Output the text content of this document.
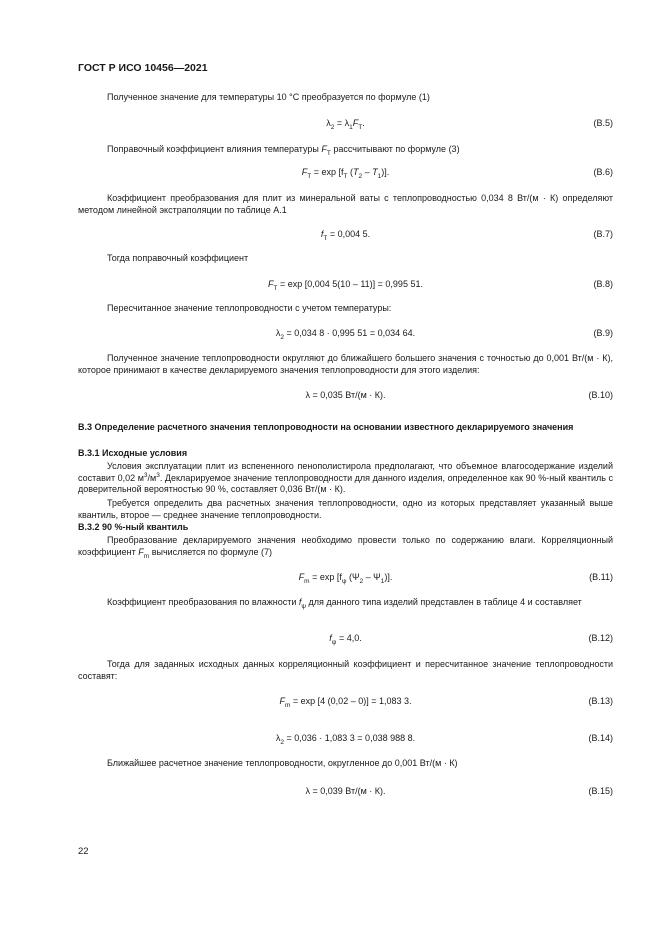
ГОСТ Р ИСО 10456—2021

Полученное значение для температуры 10 °С преобразуется по формуле (1)

$\lambda_2 = \lambda_1F_T$.	(В.5)

Поправочный коэффициент влияния температуры $F_T$ рассчитывают по формуле (3)

$F_T = \exp [f_T$ $(T_2 - T_1)$].	(В.6)

Коэффициент преобразования для плит из минеральной ваты с теплопроводностью 0,034 8 Вт/(м · К) определяют методом линейной экстраполяции по таблице А.1

$f_T = 0,004$ 5.	(В.7)

Тогда поправочный коэффициент

$F_T = \exp [0,004$ 5(10 – 11)] = 0,995 51.	(В.8)

Пересчитанное значение теплопроводности с учетом температуры:

$\lambda_2 = 0,034$ 8 · 0,995 51 = 0,034 64.	(В.9)

Полученное значение теплопроводности округляют до ближайшего большего значения с точностью до 0,001 Вт/(м · К), которое принимают в качестве декларируемого значения теплопроводности для этого изделия:

λ = 0,035 Вт/(м · К).	(В.10)

В.3 Определение расчетного значения теплопроводности на основании известного декларируемого значения

В.3.1 Исходные условия

Условия эксплуатации плит из вспененного пенополистирола предполагают, что объемное влагосодержание изделий составит 0,02 $м^3/м^3$. Декларируемое значение теплопроводности для данного изделия, определенное как 90 %-ный квантиль с доверительной вероятностью 90 %, составляет 0,036 Вт/(м · К).

Требуется определить два расчетных значения теплопроводности, одно из которых представляет указанный выше квантиль, второе — среднее значение теплопроводности.

В.3.2 90 %-ный квантиль

Преобразование декларируемого значения необходимо провести только по содержанию влаги. Корреляционный коэффициент $F_m$ вычисляется по формуле (7)

$F_m = \exp [f_\psi$ $(\Psi_2 - \Psi_1)$].	(В.11)

Коэффициент преобразования по влажности $f_\psi$ для данного типа изделий представлен в таблице 4 и составляет

$f_\psi = 4,0$.	(В.12)

Тогда для заданных исходных данных корреляционный коэффициент и пересчитанное значение теплопроводности составят:

$F_m = \exp [4$ (0,02 – 0)] = 1,083 3.	(В.13)
$\lambda_2 = 0,036 \cdot 1,083$ 3 = 0,038 988 8.	(В.14)

Ближайшее расчетное значение теплопроводности, округленное до 0,001 Вт/(м · К)

λ = 0,039 Вт/(м · К).	(В.15)
22
